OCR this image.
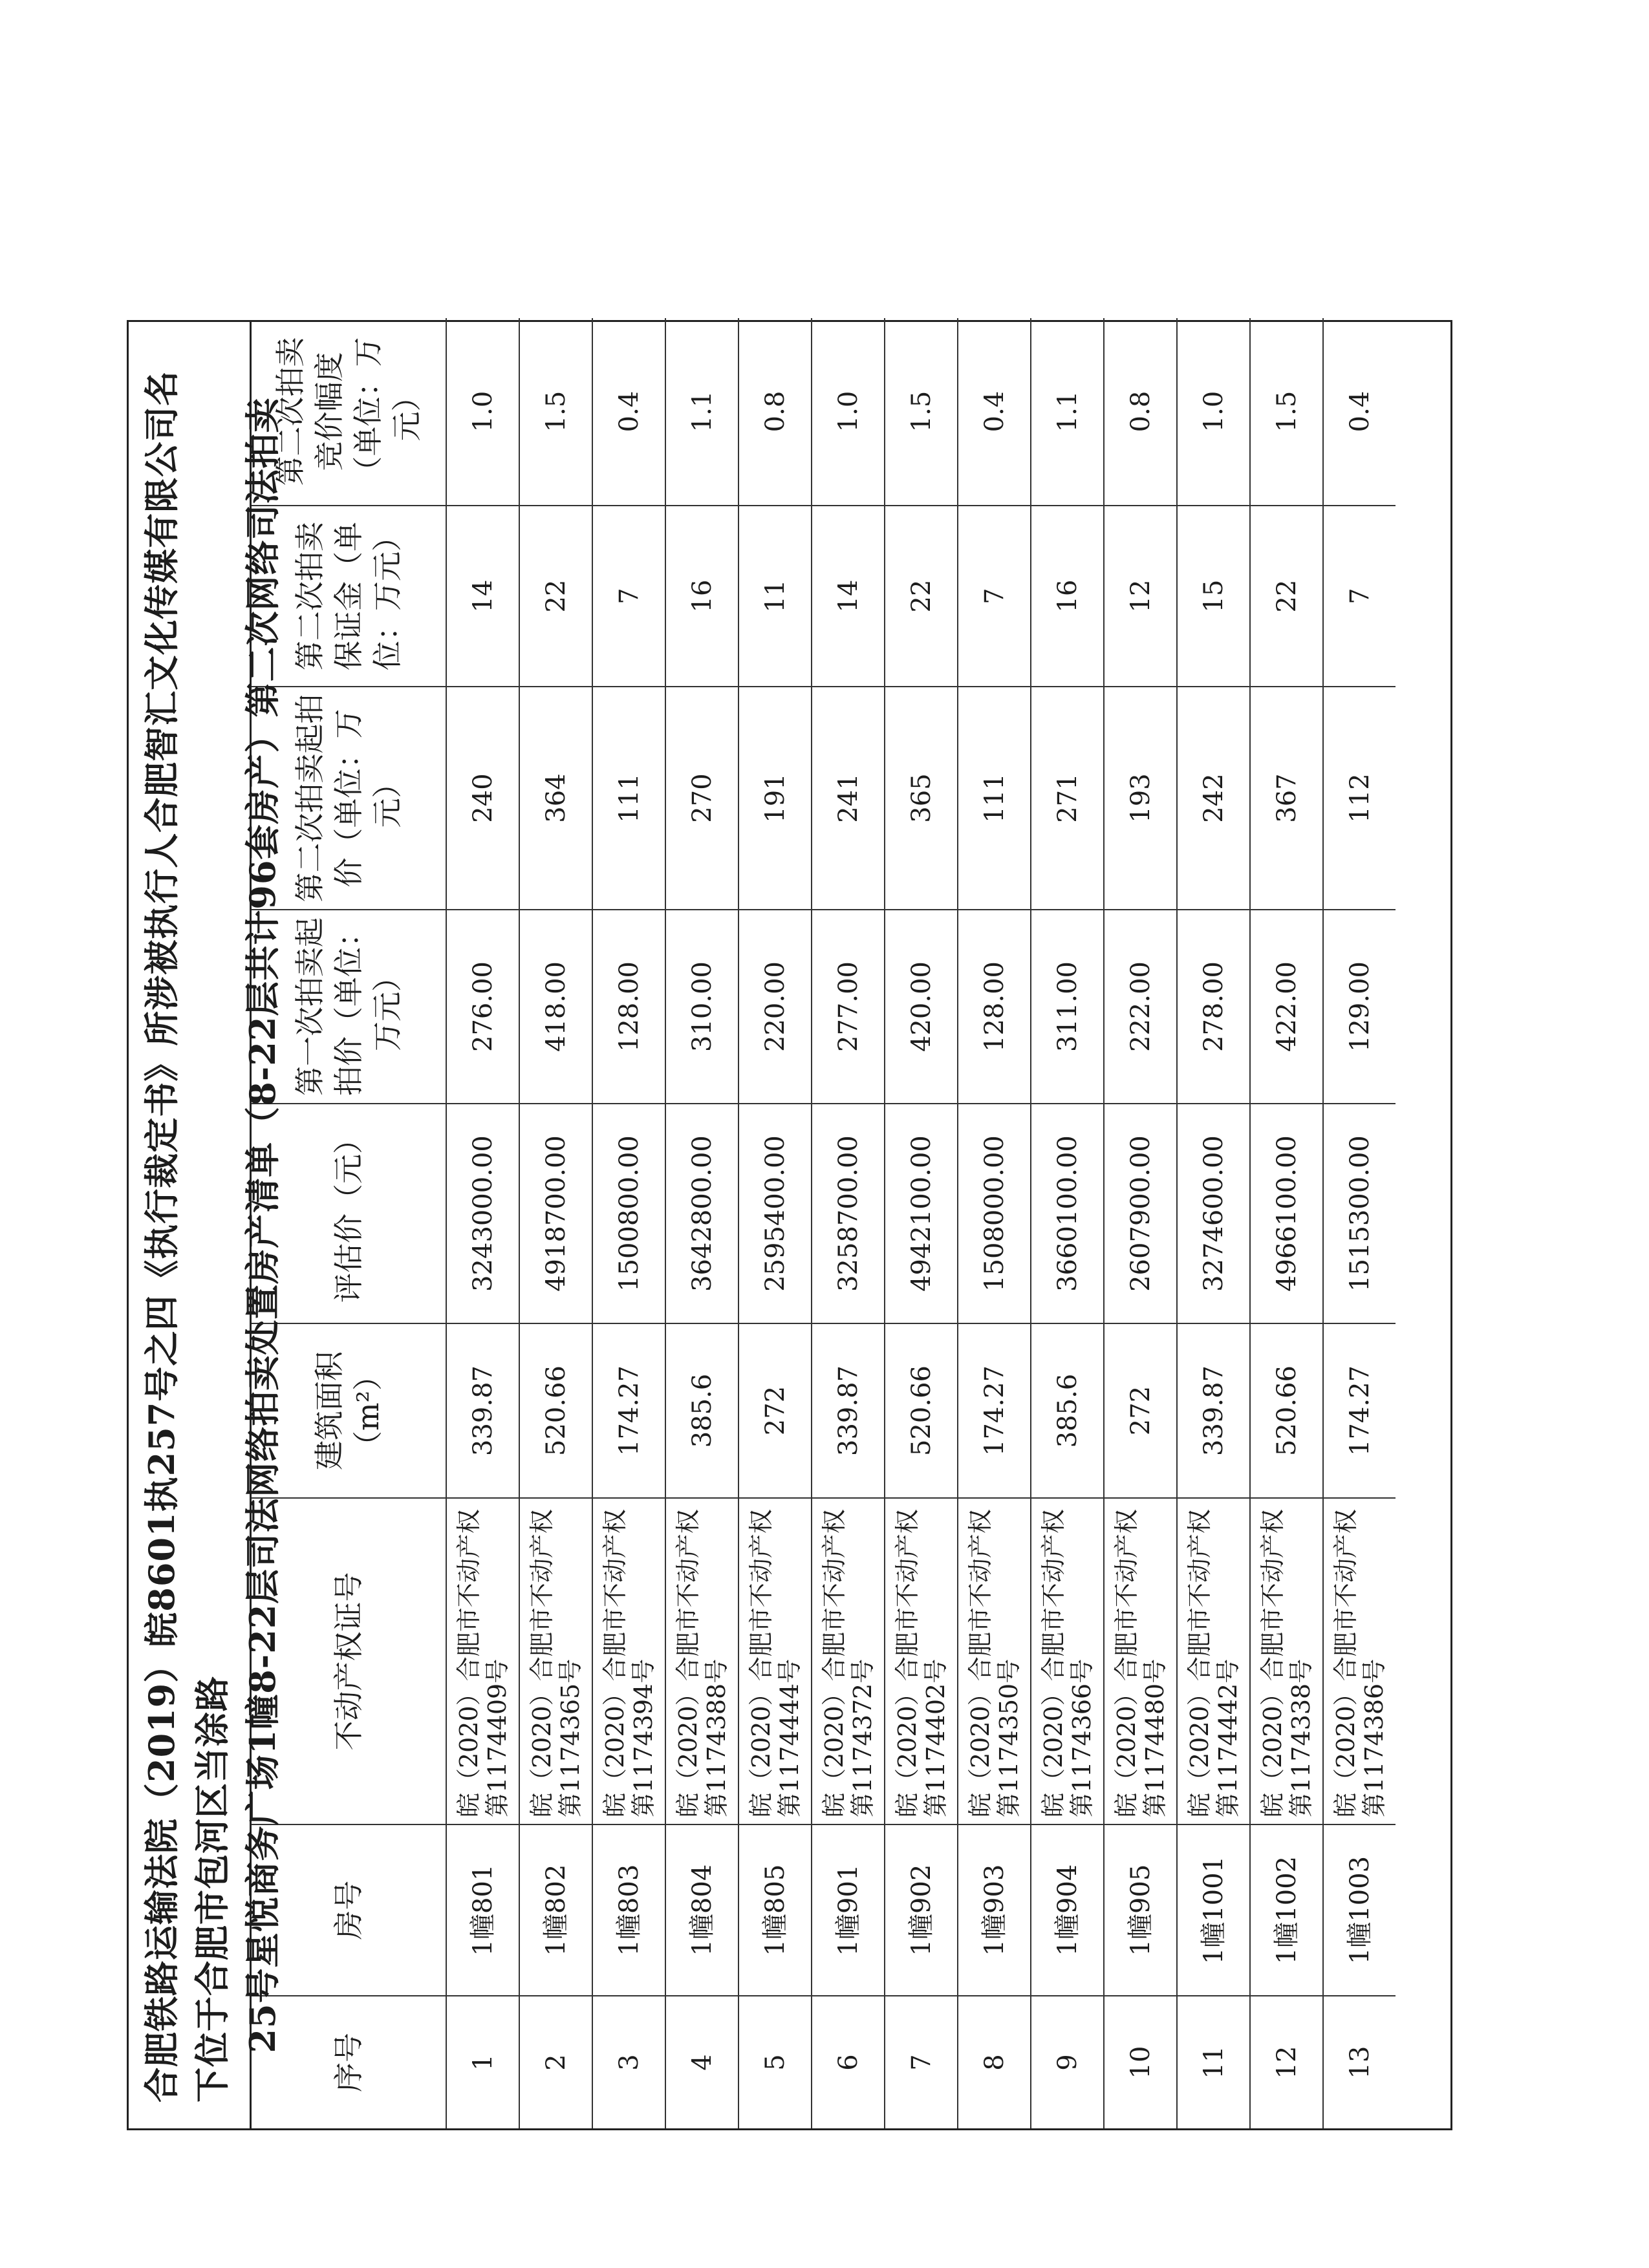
合肥铁路运输法院（2019）皖8601执257号之四《执行裁定书》所涉被执行人合肥智汇文化传媒有限公司名下位于合肥市包河区当涂路 25号星悦商务广场1幢8-22层司法网络拍卖处置房产清单（8-22层共计96套房产）第二次网络司法拍卖
序号	房号	不动产权证号	建筑面积（m²）	评估价（元）	第一次拍卖起拍价（单位：万元）	第二次拍卖起拍价（单位：万元）	第二次拍卖保证金（单位：万元）	第二次拍卖竞价幅度（单位：万元）
1	1幢801	皖（2020）合肥市不动产权第1174409号	339.87	3243000.00	276.00	240	14	1.0
2	1幢802	皖（2020）合肥市不动产权第1174365号	520.66	4918700.00	418.00	364	22	1.5
3	1幢803	皖（2020）合肥市不动产权第1174394号	174.27	1500800.00	128.00	111	7	0.4
4	1幢804	皖（2020）合肥市不动产权第1174388号	385.6	3642800.00	310.00	270	16	1.1
5	1幢805	皖（2020）合肥市不动产权第1174444号	272	2595400.00	220.00	191	11	0.8
6	1幢901	皖（2020）合肥市不动产权第1174372号	339.87	3258700.00	277.00	241	14	1.0
7	1幢902	皖（2020）合肥市不动产权第1174402号	520.66	4942100.00	420.00	365	22	1.5
8	1幢903	皖（2020）合肥市不动产权第1174350号	174.27	1508000.00	128.00	111	7	0.4
9	1幢904	皖（2020）合肥市不动产权第1174366号	385.6	3660100.00	311.00	271	16	1.1
10	1幢905	皖（2020）合肥市不动产权第1174480号	272	2607900.00	222.00	193	12	0.8
11	1幢1001	皖（2020）合肥市不动产权第1174442号	339.87	3274600.00	278.00	242	15	1.0
12	1幢1002	皖（2020）合肥市不动产权第1174338号	520.66	4966100.00	422.00	367	22	1.5
13	1幢1003	皖（2020）合肥市不动产权第1174386号	174.27	1515300.00	129.00	112	7	0.4
